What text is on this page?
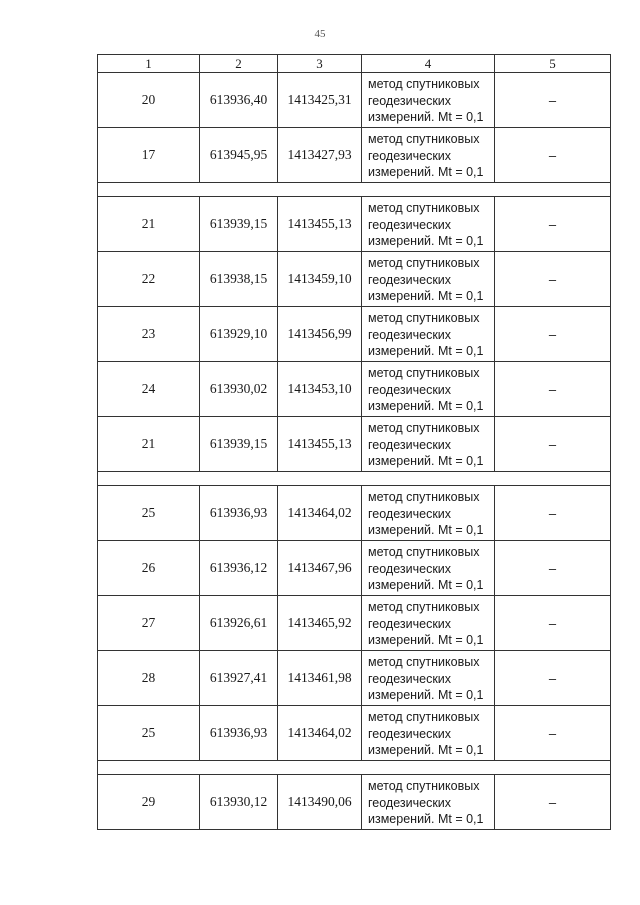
45
1	2	3	4	5
20	613936,40	1413425,31	метод спутниковых
геодезических
измерений. Mt = 0,1	–
17	613945,95	1413427,93	метод спутниковых
геодезических
измерений. Mt = 0,1	–

21	613939,15	1413455,13	метод спутниковых
геодезических
измерений. Mt = 0,1	–
22	613938,15	1413459,10	метод спутниковых
геодезических
измерений. Mt = 0,1	–
23	613929,10	1413456,99	метод спутниковых
геодезических
измерений. Mt = 0,1	–
24	613930,02	1413453,10	метод спутниковых
геодезических
измерений. Mt = 0,1	–
21	613939,15	1413455,13	метод спутниковых
геодезических
измерений. Mt = 0,1	–

25	613936,93	1413464,02	метод спутниковых
геодезических
измерений. Mt = 0,1	–
26	613936,12	1413467,96	метод спутниковых
геодезических
измерений. Mt = 0,1	–
27	613926,61	1413465,92	метод спутниковых
геодезических
измерений. Mt = 0,1	–
28	613927,41	1413461,98	метод спутниковых
геодезических
измерений. Mt = 0,1	–
25	613936,93	1413464,02	метод спутниковых
геодезических
измерений. Mt = 0,1	–

29	613930,12	1413490,06	метод спутниковых
геодезических
измерений. Mt = 0,1	–
